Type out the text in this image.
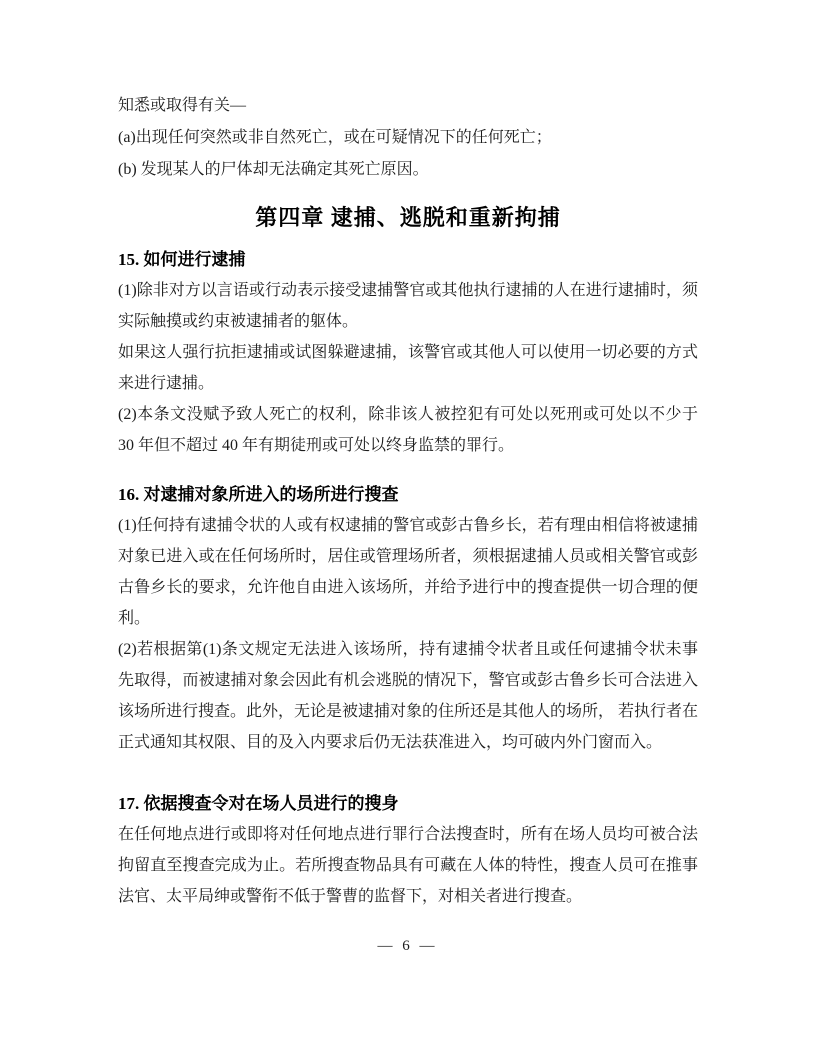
知悉或取得有关—

(a)出现任何突然或非自然死亡，或在可疑情况下的任何死亡；

(b) 发现某人的尸体却无法确定其死亡原因。

第四章 逮捕、逃脱和重新拘捕
15. 如何进行逮捕

(1)除非对方以言语或行动表示接受逮捕警官或其他执行逮捕的人在进行逮捕时，须实际触摸或约束被逮捕者的躯体。

如果这人强行抗拒逮捕或试图躲避逮捕，该警官或其他人可以使用一切必要的方式来进行逮捕。

(2)本条文没赋予致人死亡的权利，除非该人被控犯有可处以死刑或可处以不少于 30 年但不超过 40 年有期徒刑或可处以终身监禁的罪行。

16. 对逮捕对象所进入的场所进行搜查

(1)任何持有逮捕令状的人或有权逮捕的警官或彭古鲁乡长，若有理由相信将被逮捕对象已进入或在任何场所时，居住或管理场所者，须根据逮捕人员或相关警官或彭古鲁乡长的要求，允许他自由进入该场所，并给予进行中的搜查提供一切合理的便利。

(2)若根据第(1)条文规定无法进入该场所，持有逮捕令状者且或任何逮捕令状未事先取得，而被逮捕对象会因此有机会逃脱的情况下，警官或彭古鲁乡长可合法进入该场所进行搜查。此外，无论是被逮捕对象的住所还是其他人的场所， 若执行者在正式通知其权限、目的及入内要求后仍无法获准进入，均可破内外门窗而入。

17. 依据搜查令对在场人员进行的搜身

在任何地点进行或即将对任何地点进行罪行合法搜查时，所有在场人员均可被合法拘留直至搜查完成为止。若所搜查物品具有可藏在人体的特性，搜查人员可在推事法官、太平局绅或警衔不低于警曹的监督下，对相关者进行搜查。

— 6 —
